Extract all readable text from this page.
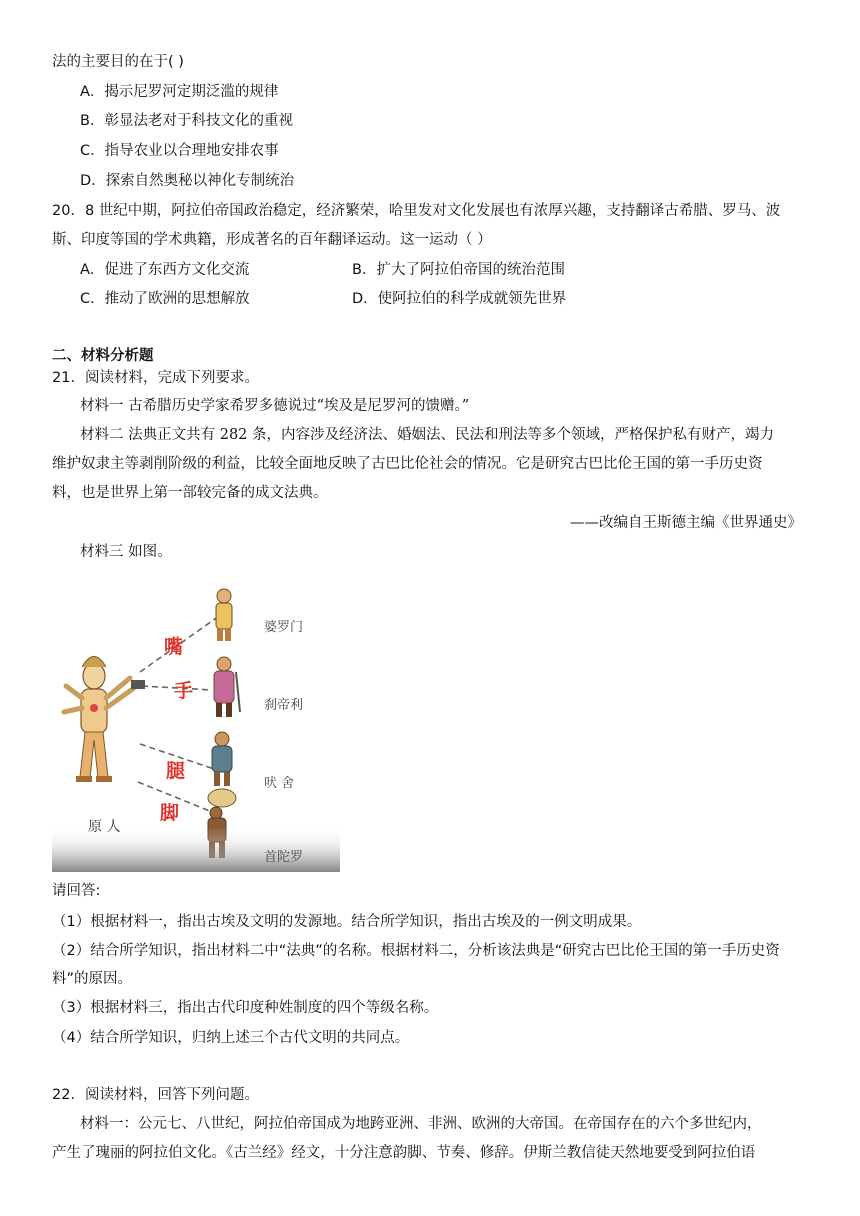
法的主要目的在于( )
A．揭示尼罗河定期泛滥的规律
B．彰显法老对于科技文化的重视
C．指导农业以合理地安排农事
D．探索自然奥秘以神化专制统治
20．8 世纪中期，阿拉伯帝国政治稳定，经济繁荣，哈里发对文化发展也有浓厚兴趣，支持翻译古希腊、罗马、波
斯、印度等国的学术典籍，形成著名的百年翻译运动。这一运动（ ）
A．促进了东西方文化交流	B．扩大了阿拉伯帝国的统治范围
C．推动了欧洲的思想解放	D．使阿拉伯的科学成就领先世界
二、材料分析题
21．阅读材料，完成下列要求。
材料一 古希腊历史学家希罗多德说过“埃及是尼罗河的馈赠。”
材料二 法典正文共有 282 条，内容涉及经济法、婚姻法、民法和刑法等多个领域，严格保护私有财产，竭力
维护奴隶主等剥削阶级的利益，比较全面地反映了古巴比伦社会的情况。它是研究古巴比伦王国的第一手历史资
料，也是世界上第一部较完备的成文法典。
——改编自王斯德主编《世界通史》
材料三 如图。
嘴
手
腿
脚
婆罗门
刹帝利
吠 舍
首陀罗
原 人
请回答:
（1）根据材料一，指出古埃及文明的发源地。结合所学知识，指出古埃及的一例文明成果。
（2）结合所学知识，指出材料二中“法典”的名称。根据材料二，分析该法典是“研究古巴比伦王国的第一手历史资
料”的原因。
（3）根据材料三，指出古代印度种姓制度的四个等级名称。
（4）结合所学知识，归纳上述三个古代文明的共同点。
22．阅读材料，回答下列问题。
材料一：公元七、八世纪，阿拉伯帝国成为地跨亚洲、非洲、欧洲的大帝国。在帝国存在的六个多世纪内，
产生了瑰丽的阿拉伯文化。《古兰经》经文，十分注意韵脚、节奏、修辞。伊斯兰教信徒天然地要受到阿拉伯语
